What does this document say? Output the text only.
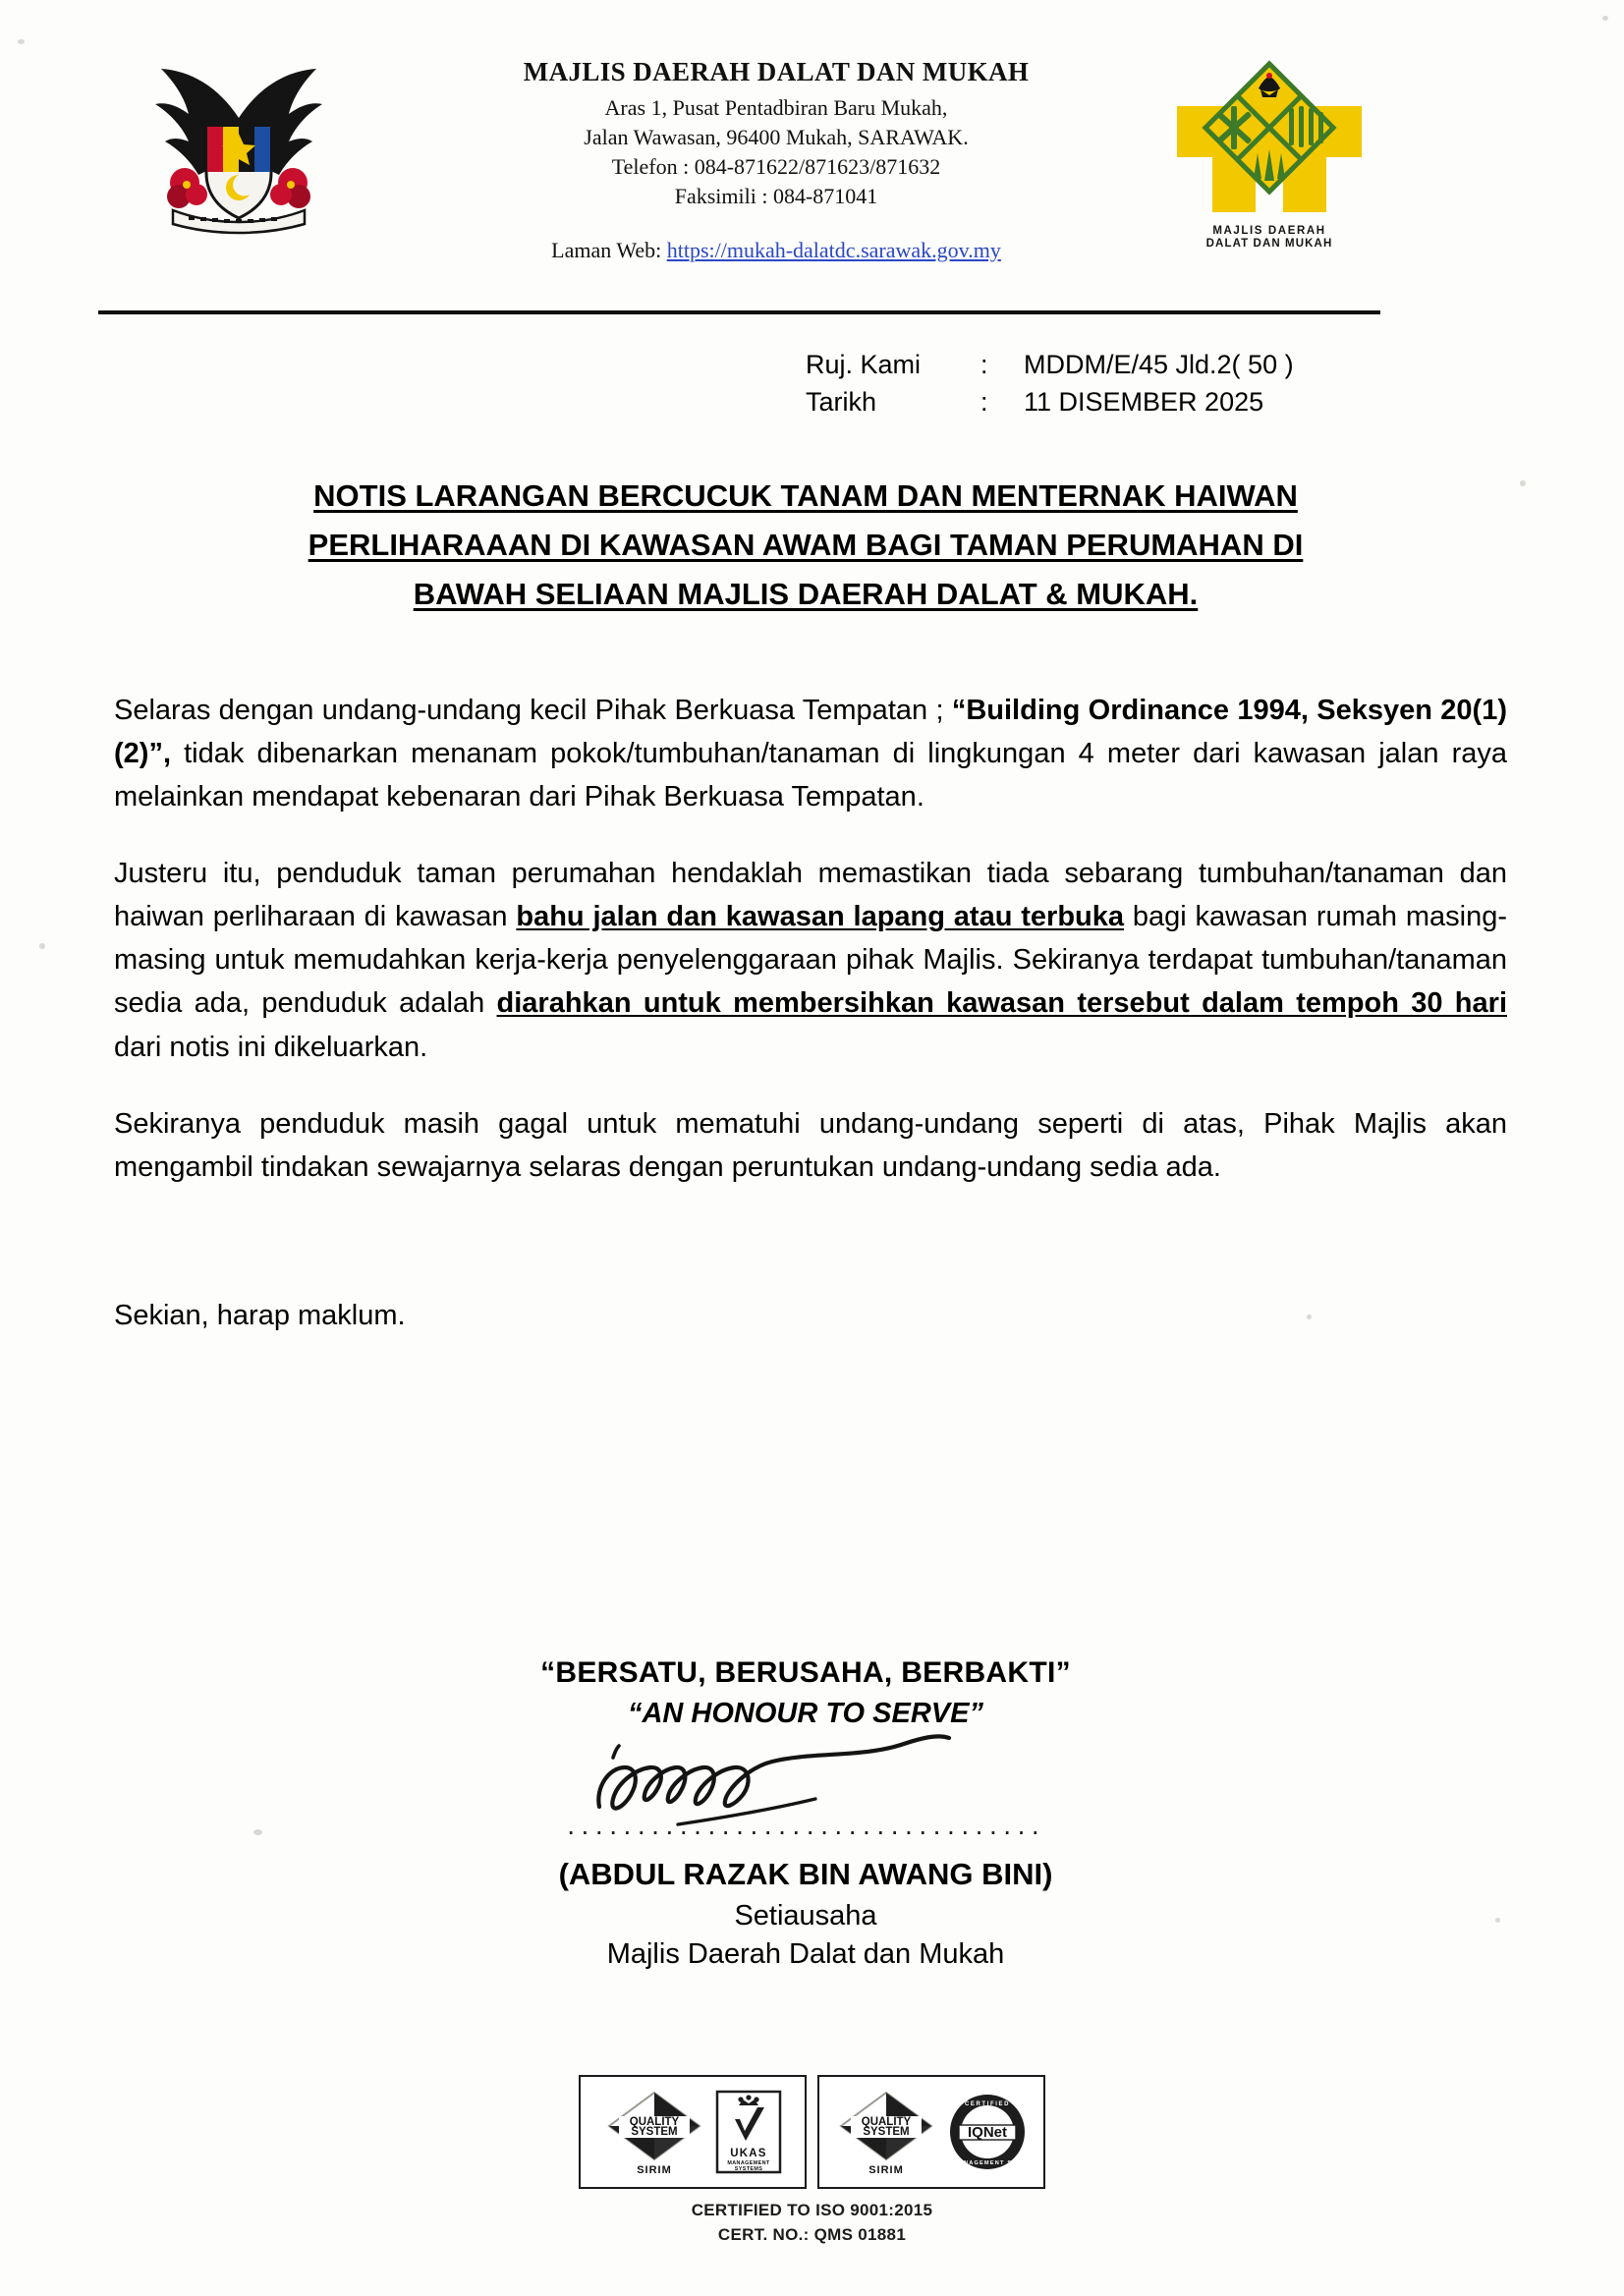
MAJLIS DAERAH DALAT DAN MUKAH
Aras 1, Pusat Pentadbiran Baru Mukah,
Jalan Wawasan, 96400 Mukah, SARAWAK.
Telefon : 084-871622/871623/871632
Faksimili : 084-871041
Laman Web: https://mukah-dalatdc.sarawak.gov.my
MAJLIS DAERAH
DALAT DAN MUKAH
Ruj. Kami	:	MDDM/E/45 Jld.2( 50 )
Tarikh	:	11 DISEMBER 2025
NOTIS LARANGAN BERCUCUK TANAM DAN MENTERNAK HAIWAN
PERLIHARAAAN DI KAWASAN AWAM BAGI TAMAN PERUMAHAN DI
BAWAH SELIAAN MAJLIS DAERAH DALAT & MUKAH.

Selaras dengan undang-undang kecil Pihak Berkuasa Tempatan ; “Building Ordinance 1994, Seksyen 20(1)(2)”, tidak dibenarkan menanam pokok/tumbuhan/tanaman di lingkungan 4 meter dari kawasan jalan raya melainkan mendapat kebenaran dari Pihak Berkuasa Tempatan.

Justeru itu, penduduk taman perumahan hendaklah memastikan tiada sebarang tumbuhan/tanaman dan haiwan perliharaan di kawasan bahu jalan dan kawasan lapang atau terbuka bagi kawasan rumah masing-masing untuk memudahkan kerja-kerja penyelenggaraan pihak Majlis. Sekiranya terdapat tumbuhan/tanaman sedia ada, penduduk adalah diarahkan untuk membersihkan kawasan tersebut dalam tempoh 30 hari dari notis ini dikeluarkan.

Sekiranya penduduk masih gagal untuk mematuhi undang-undang seperti di atas, Pihak Majlis akan mengambil tindakan sewajarnya selaras dengan peruntukan undang-undang sedia ada.

Sekian, harap maklum.

“BERSATU, BERUSAHA, BERBAKTI”
“AN HONOUR TO SERVE”
··································
(ABDUL RAZAK BIN AWANG BINI)
Setiausaha
Majlis Daerah Dalat dan Mukah
QUALITY
SYSTEM
SIRIM
UKAS
MANAGEMENT
SYSTEMS
QUALITY
SYSTEM
SIRIM
IQNet
CERTIFIED
MANAGEMENT SYS
CERTIFIED TO ISO 9001:2015
CERT. NO.: QMS 01881
